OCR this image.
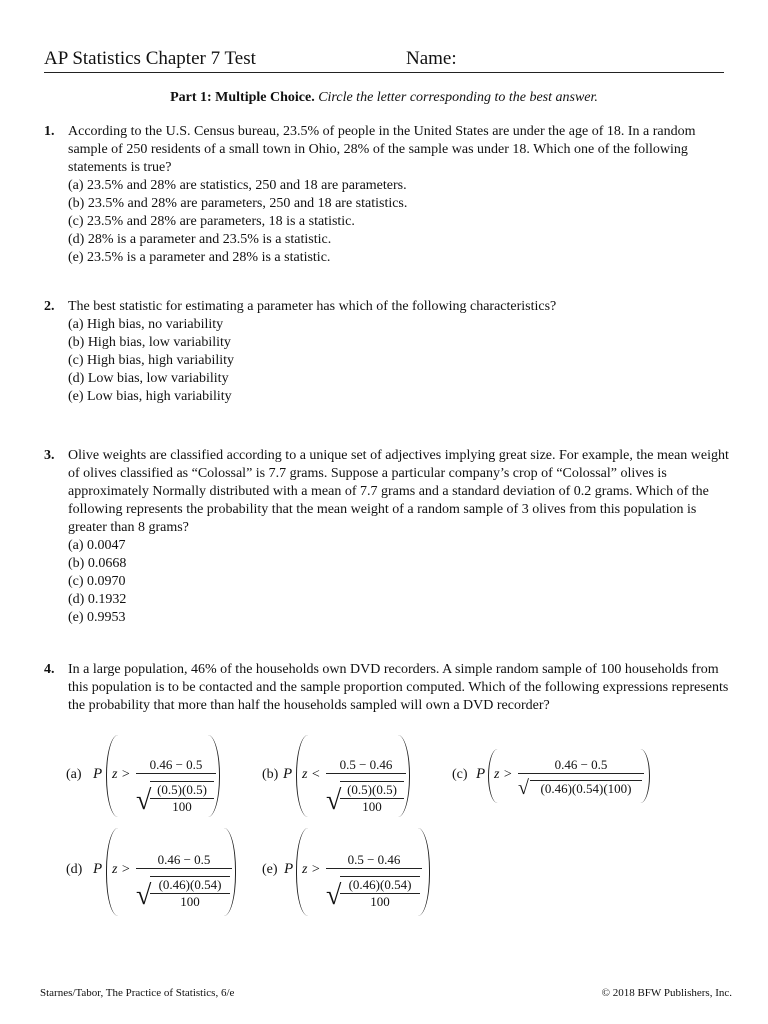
AP Statistics Chapter 7 Test	Name:
Part 1: Multiple Choice. Circle the letter corresponding to the best answer.
1. According to the U.S. Census bureau, 23.5% of people in the United States are under the age of 18. In a random sample of 250 residents of a small town in Ohio, 28% of the sample was under 18. Which one of the following statements is true?
(a) 23.5% and 28% are statistics, 250 and 18 are parameters.
(b) 23.5% and 28% are parameters, 250 and 18 are statistics.
(c) 23.5% and 28% are parameters, 18 is a statistic.
(d) 28% is a parameter and 23.5% is a statistic.
(e) 23.5% is a parameter and 28% is a statistic.
2. The best statistic for estimating a parameter has which of the following characteristics?
(a) High bias, no variability
(b) High bias, low variability
(c) High bias, high variability
(d) Low bias, low variability
(e) Low bias, high variability
3. Olive weights are classified according to a unique set of adjectives implying great size. For example, the mean weight of olives classified as “Colossal” is 7.7 grams. Suppose a particular company’s crop of “Colossal” olives is approximately Normally distributed with a mean of 7.7 grams and a standard deviation of 0.2 grams. Which of the following represents the probability that the mean weight of a random sample of 3 olives from this population is greater than 8 grams?
(a) 0.0047
(b) 0.0668
(c) 0.0970
(d) 0.1932
(e) 0.9953
4. In a large population, 46% of the households own DVD recorders. A simple random sample of 100 households from this population is to be contacted and the sample proportion computed. Which of the following expressions represents the probability that more than half the households sampled will own a DVD recorder?
(a) P z >
0.46 − 0.5
√ (0.5)(0.5)
100
(b) P z <
0.5 − 0.46
√ (0.5)(0.5)
100
(c) P z >
0.46 − 0.5
√ (0.46)(0.54)(100)
(d) P z >
0.46 − 0.5
√ (0.46)(0.54)
100
(e) P z >
0.5 − 0.46
√ (0.46)(0.54)
100
Starnes/Tabor, The Practice of Statistics, 6/e	© 2018 BFW Publishers, Inc.
